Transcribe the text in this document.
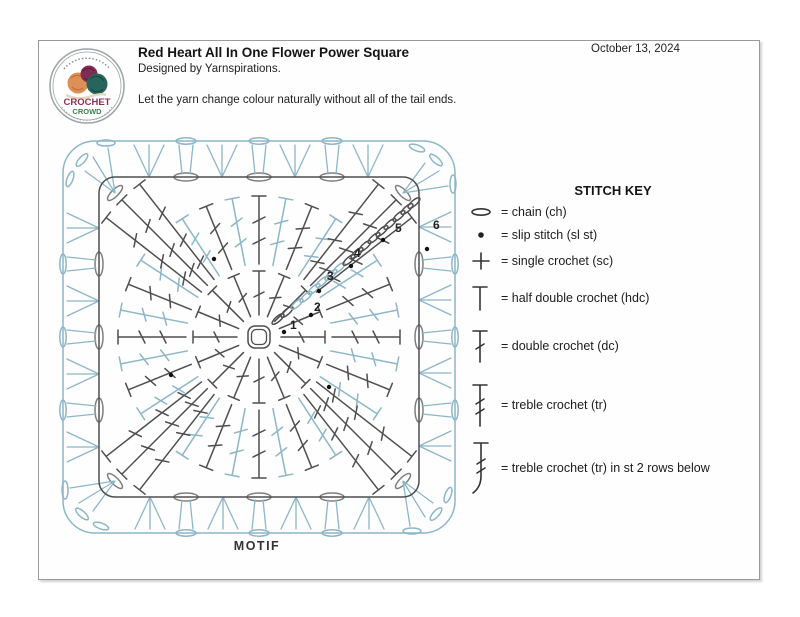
CROCHET
CROWD
Red Heart All In One Flower Power Square
Designed by Yarnspirations.
Let the yarn change colour naturally without all of the tail ends.
October 13, 2024
1
2
3
4
5	6
MOTIF
STITCH KEY
= chain (ch)
= slip stitch (sl st)
= single crochet (sc)
= half double crochet (hdc)
= double crochet (dc)
= treble crochet (tr)
= treble crochet (tr) in st 2 rows below
